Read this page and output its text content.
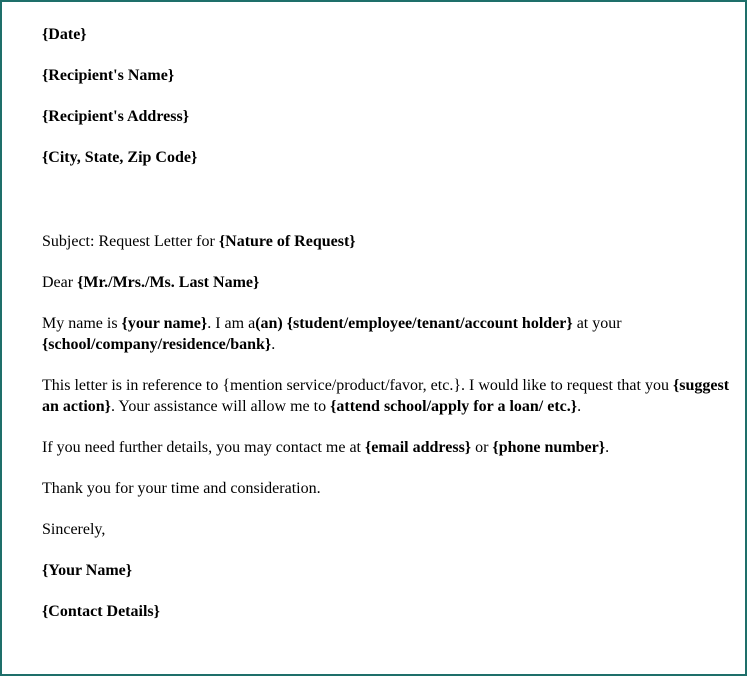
{Date}

{Recipient's Name}

{Recipient's Address}

{City, State, Zip Code}

Subject: Request Letter for {Nature of Request}

Dear {Mr./Mrs./Ms. Last Name}

My name is {your name}. I am a(an) {student/employee/tenant/account holder} at your {school/company/residence/bank}.

This letter is in reference to {mention service/product/favor, etc.}. I would like to request that you {suggest an action}. Your assistance will allow me to {attend school/apply for a loan/ etc.}.

If you need further details, you may contact me at {email address} or {phone number}.

Thank you for your time and consideration.

Sincerely,

{Your Name}

{Contact Details}
